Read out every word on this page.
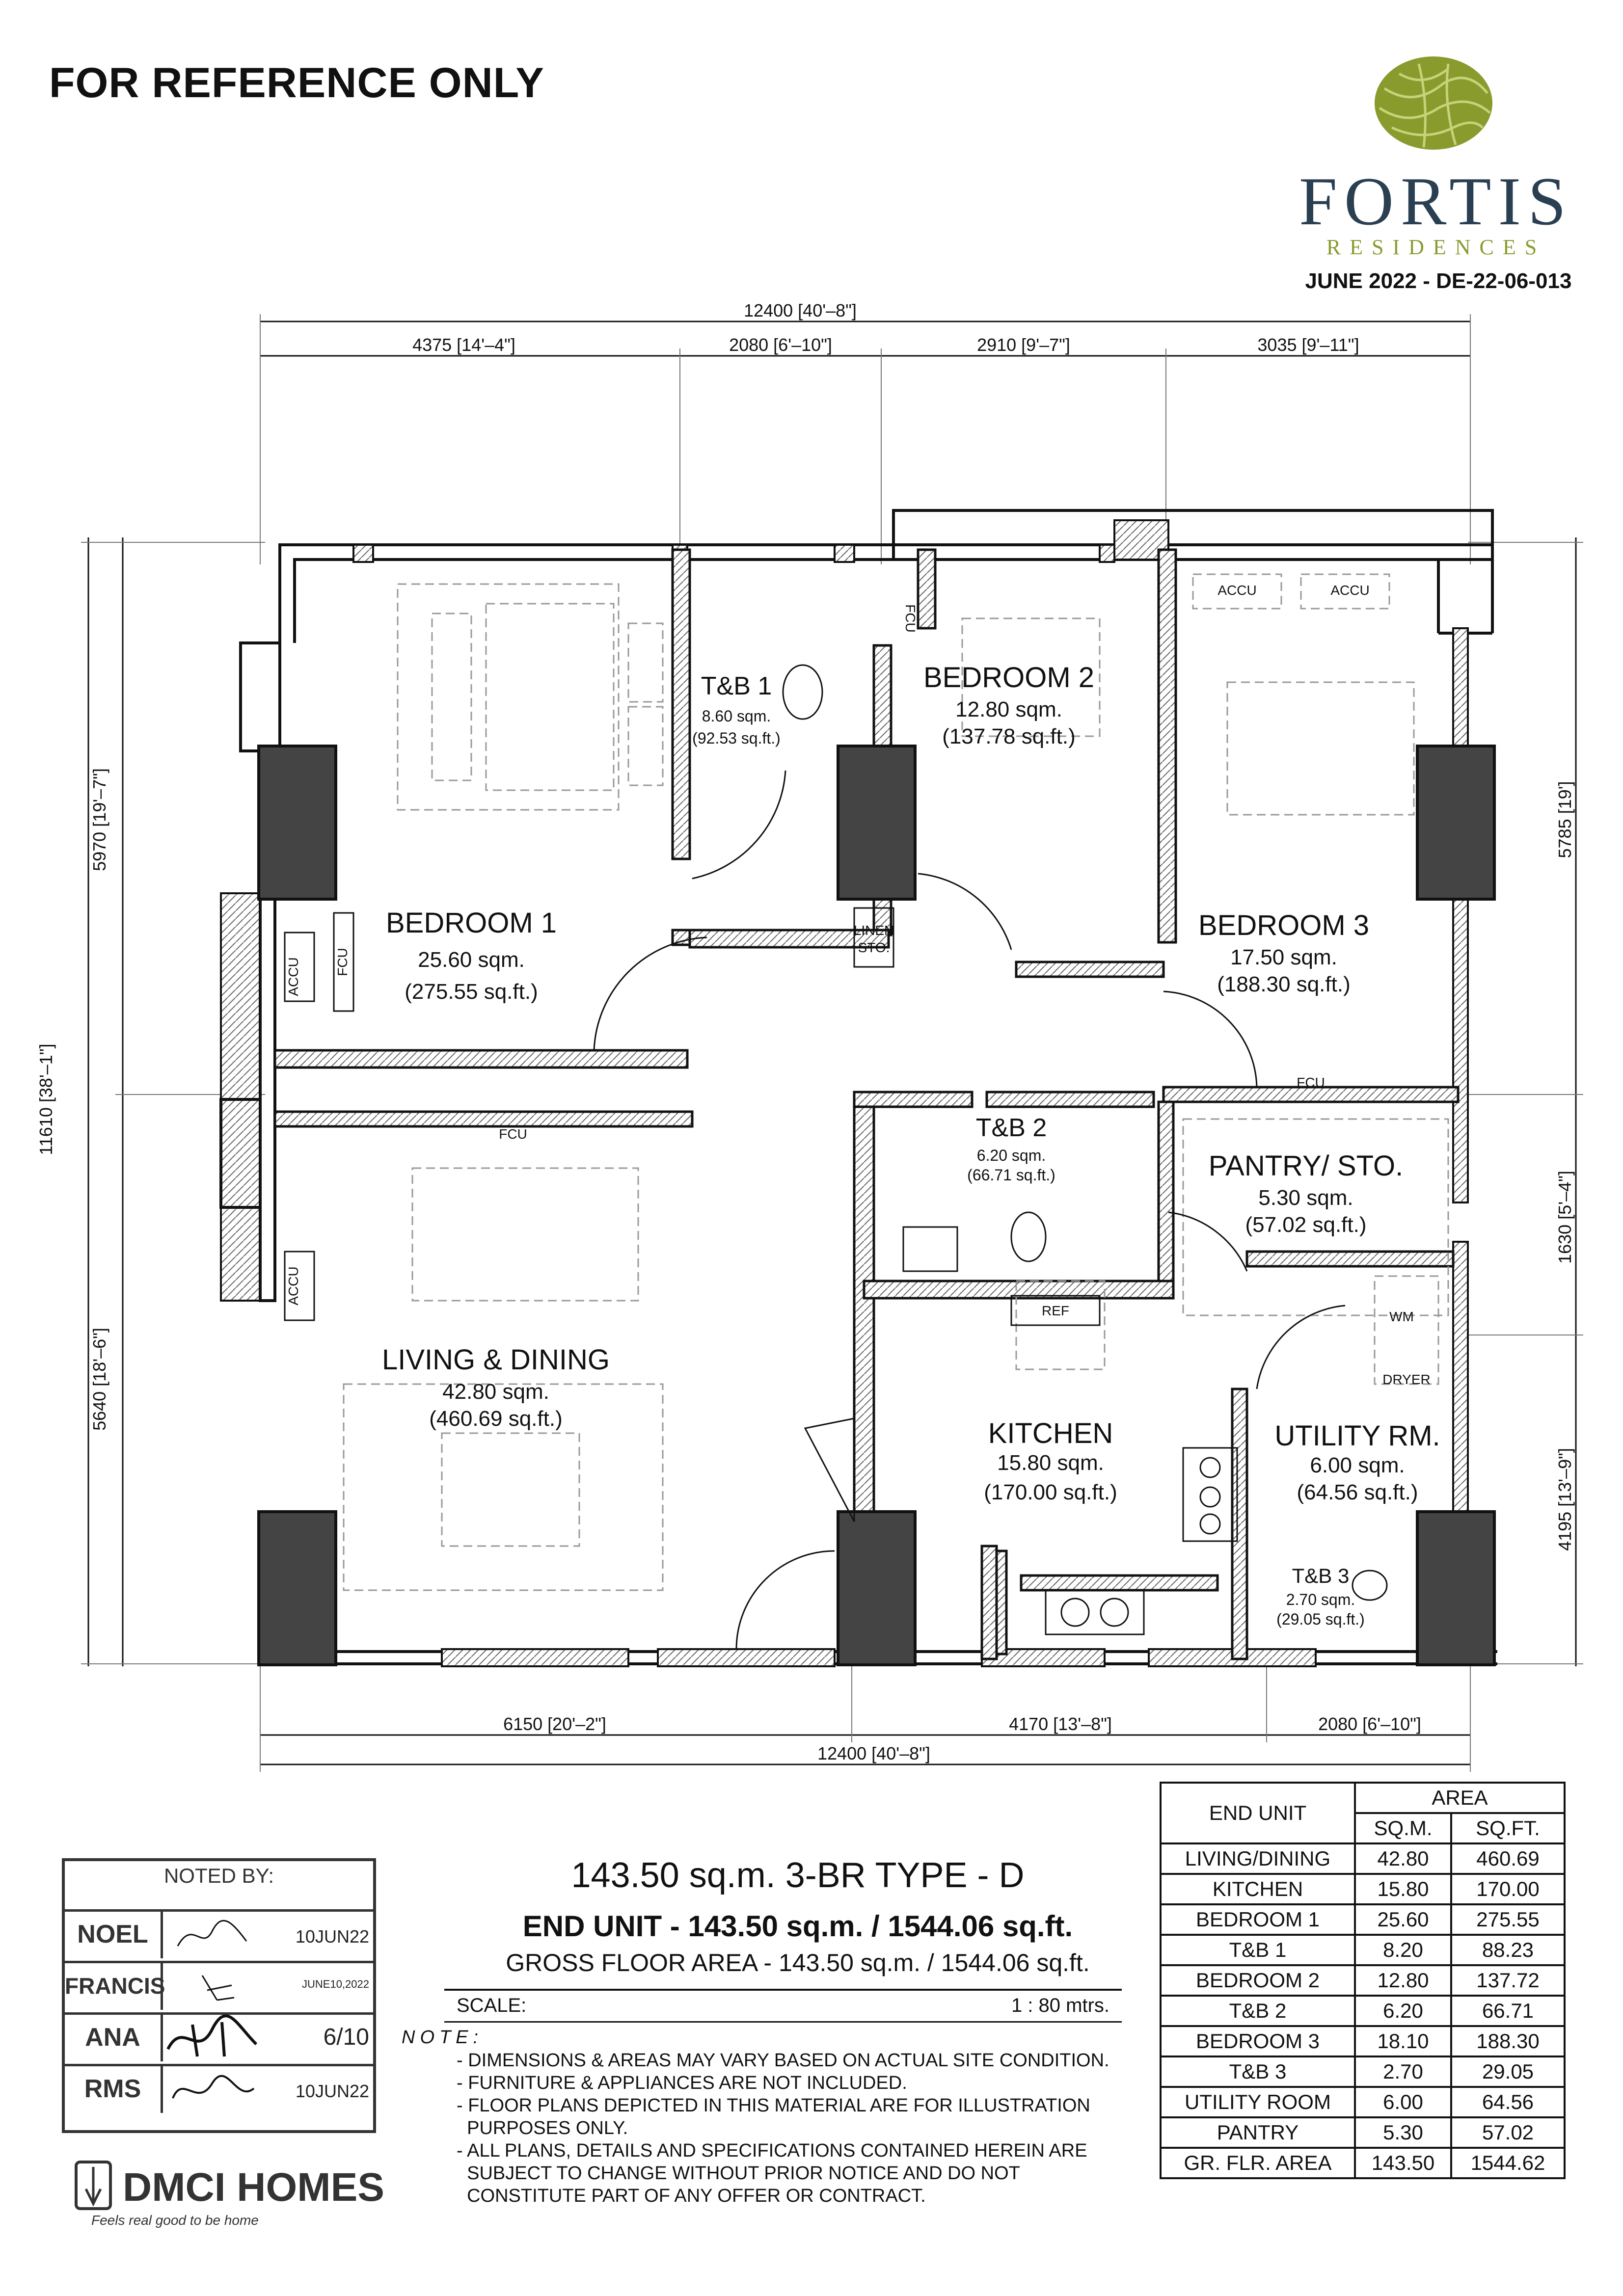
FOR REFERENCE ONLY
FORTIS
RESIDENCES
JUNE 2022 - DE-22-06-013
12400 [40'–8"]
4375 [14'–4"]	2080 [6'–10"]	2910 [9'–7"]	3035 [9'–11"]
6150 [20'–2"]	4170 [13'–8"]	2080 [6'–10"]
12400 [40'–8"]
11610 [38'–1"]
5970 [19'–7"]
5640 [18'–6"]
5785 [19']
1630 [5'–4"]
4195 [13'–9"]
ACCU FCU
ACCU
FCU
FCU
FCU
ACCU	ACCU
LINEN
STO.
REF	WM
DRYER
BEDROOM 1
25.60 sqm.
(275.55 sq.ft.)
T&B 1
8.60 sqm.
(92.53 sq.ft.)
BEDROOM 2
12.80 sqm.
(137.78 sq.ft.)
BEDROOM 3
17.50 sqm.
(188.30 sq.ft.)
T&B 2
6.20 sqm.
(66.71 sq.ft.)	PANTRY/ STO.
5.30 sqm.
(57.02 sq.ft.)
LIVING & DINING
42.80 sqm.
(460.69 sq.ft.)	KITCHEN
15.80 sqm.
(170.00 sq.ft.)
UTILITY RM.
6.00 sqm.
(64.56 sq.ft.)
T&B 3
2.70 sqm.
(29.05 sq.ft.)
143.50 sq.m. 3-BR TYPE - D
END UNIT - 143.50 sq.m. / 1544.06 sq.ft.
GROSS FLOOR AREA - 143.50 sq.m. / 1544.06 sq.ft.
SCALE:	1 : 80 mtrs.
NOTE:
- DIMENSIONS & AREAS MAY VARY BASED ON ACTUAL SITE CONDITION.
- FURNITURE & APPLIANCES ARE NOT INCLUDED.
- FLOOR PLANS DEPICTED IN THIS MATERIAL ARE FOR ILLUSTRATION
PURPOSES ONLY.
- ALL PLANS, DETAILS AND SPECIFICATIONS CONTAINED HEREIN ARE
SUBJECT TO CHANGE WITHOUT PRIOR NOTICE AND DO NOT
CONSTITUTE PART OF ANY OFFER OR CONTRACT.
NOTED BY:
NOEL	10JUN22
FRANCIS	JUNE10,2022
ANA	6/10
RMS	10JUN22
END UNIT	AREA	
	SQ.M.	SQ.FT.
LIVING/DINING	42.80	460.69
KITCHEN	15.80	170.00
BEDROOM 1	25.60	275.55
T&B 1	8.20	88.23
BEDROOM 2	12.80	137.72
T&B 2	6.20	66.71
BEDROOM 3	18.10	188.30
T&B 3	2.70	29.05
UTILITY ROOM	6.00	64.56
PANTRY	5.30	57.02
GR. FLR. AREA	143.50	1544.62
DMCI HOMES
Feels real good to be home
